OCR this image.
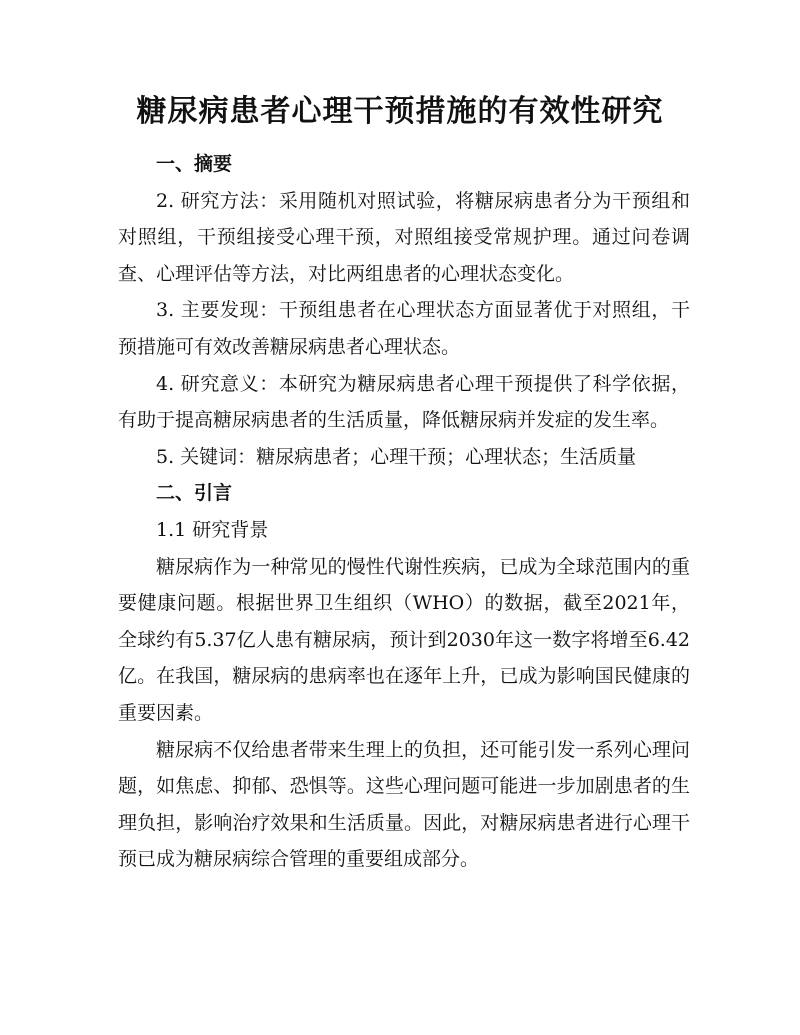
糖尿病患者心理干预措施的有效性研究

一、摘要

2. 研究方法：采用随机对照试验，将糖尿病患者分为干预组和对照组，干预组接受心理干预，对照组接受常规护理。通过问卷调查、心理评估等方法，对比两组患者的心理状态变化。

3. 主要发现：干预组患者在心理状态方面显著优于对照组，干预措施可有效改善糖尿病患者心理状态。

4. 研究意义：本研究为糖尿病患者心理干预提供了科学依据，有助于提高糖尿病患者的生活质量，降低糖尿病并发症的发生率。

5. 关键词：糖尿病患者；心理干预；心理状态；生活质量

二、引言

1.1 研究背景

糖尿病作为一种常见的慢性代谢性疾病，已成为全球范围内的重要健康问题。根据世界卫生组织（WHO）的数据，截至2021年，全球约有5.37亿人患有糖尿病，预计到2030年这一数字将增至6.42亿。在我国，糖尿病的患病率也在逐年上升，已成为影响国民健康的重要因素。

糖尿病不仅给患者带来生理上的负担，还可能引发一系列心理问题，如焦虑、抑郁、恐惧等。这些心理问题可能进一步加剧患者的生理负担，影响治疗效果和生活质量。因此，对糖尿病患者进行心理干预已成为糖尿病综合管理的重要组成部分。
